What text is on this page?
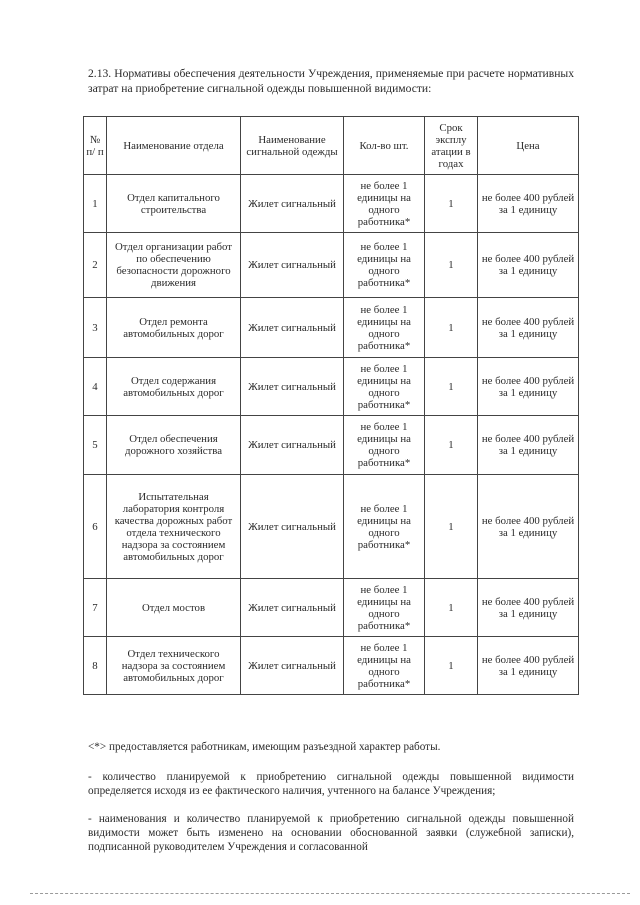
2.13. Нормативы обеспечения деятельности Учреждения, применяемые при расчете нормативных затрат на приобретение сигнальной одежды повышенной видимости:
№ п/ п	Наименование отдела	Наименование сигнальной одежды	Кол-во шт.	Срок эксплу атации в годах	Цена
1	Отдел капитального строительства	Жилет сигнальный	не более 1 единицы на одного работника*	1	не более 400 рублей за 1 единицу
2	Отдел организации работ по обеспечению безопасности дорожного движения	Жилет сигнальный	не более 1 единицы на одного работника*	1	не более 400 рублей за 1 единицу
3	Отдел ремонта автомобильных дорог	Жилет сигнальный	не более 1 единицы на одного работника*	1	не более 400 рублей за 1 единицу
4	Отдел содержания автомобильных дорог	Жилет сигнальный	не более 1 единицы на одного работника*	1	не более 400 рублей за 1 единицу
5	Отдел обеспечения дорожного хозяйства	Жилет сигнальный	не более 1 единицы на одного работника*	1	не более 400 рублей за 1 единицу
6	Испытательная лаборатория контроля качества дорожных работ отдела технического надзора за состоянием автомобильных дорог	Жилет сигнальный	не более 1 единицы на одного работника*	1	не более 400 рублей за 1 единицу
7	Отдел мостов	Жилет сигнальный	не более 1 единицы на одного работника*	1	не более 400 рублей за 1 единицу
8	Отдел технического надзора за состоянием автомобильных дорог	Жилет сигнальный	не более 1 единицы на одного работника*	1	не более 400 рублей за 1 единицу
<*> предоставляется работникам, имеющим разъездной характер работы.
- количество планируемой к приобретению сигнальной одежды повышенной видимости определяется исходя из ее фактического наличия, учтенного на балансе Учреждения;
- наименования и количество планируемой к приобретению сигнальной одежды повышенной видимости может быть изменено на основании обоснованной заявки (служебной записки), подписанной руководителем Учреждения и согласованной
